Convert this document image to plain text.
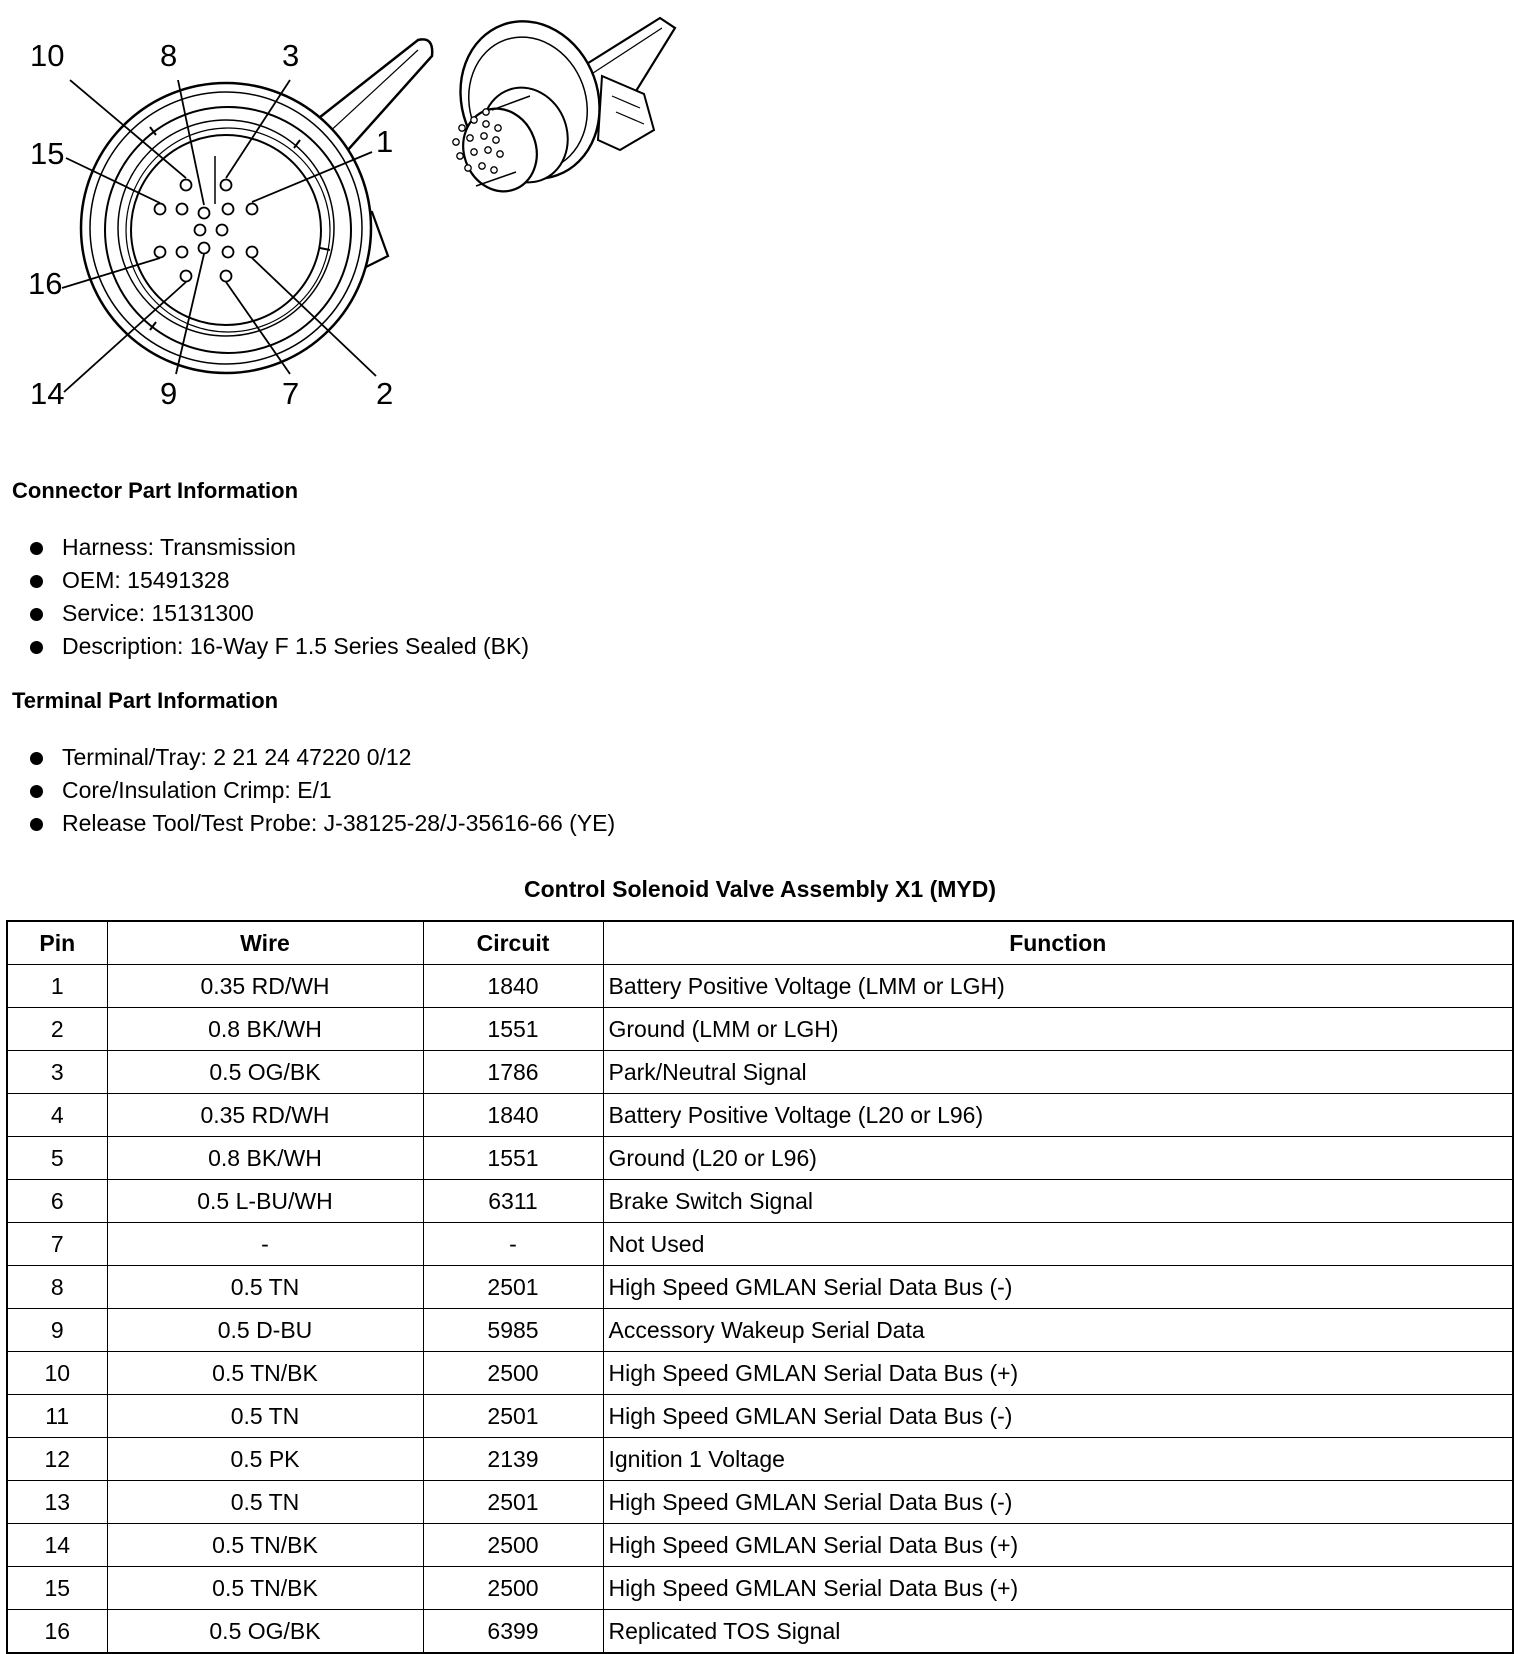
10	8	3
1
15
16
14	9	7 2
Connector Part Information
Harness: Transmission
OEM: 15491328
Service: 15131300
Description: 16-Way F 1.5 Series Sealed (BK)
Terminal Part Information
Terminal/Tray: 2 21 24 47220 0/12
Core/Insulation Crimp: E/1
Release Tool/Test Probe: J-38125-28/J-35616-66 (YE)
Control Solenoid Valve Assembly X1 (MYD)
Pin	Wire	Circuit	Function
1	0.35 RD/WH	1840	Battery Positive Voltage (LMM or LGH)
2	0.8 BK/WH	1551	Ground (LMM or LGH)
3	0.5 OG/BK	1786	Park/Neutral Signal
4	0.35 RD/WH	1840	Battery Positive Voltage (L20 or L96)
5	0.8 BK/WH	1551	Ground (L20 or L96)
6	0.5 L-BU/WH	6311	Brake Switch Signal
7	-	-	Not Used
8	0.5 TN	2501	High Speed GMLAN Serial Data Bus (-)
9	0.5 D-BU	5985	Accessory Wakeup Serial Data
10	0.5 TN/BK	2500	High Speed GMLAN Serial Data Bus (+)
11	0.5 TN	2501	High Speed GMLAN Serial Data Bus (-)
12	0.5 PK	2139	Ignition 1 Voltage
13	0.5 TN	2501	High Speed GMLAN Serial Data Bus (-)
14	0.5 TN/BK	2500	High Speed GMLAN Serial Data Bus (+)
15	0.5 TN/BK	2500	High Speed GMLAN Serial Data Bus (+)
16	0.5 OG/BK	6399	Replicated TOS Signal
